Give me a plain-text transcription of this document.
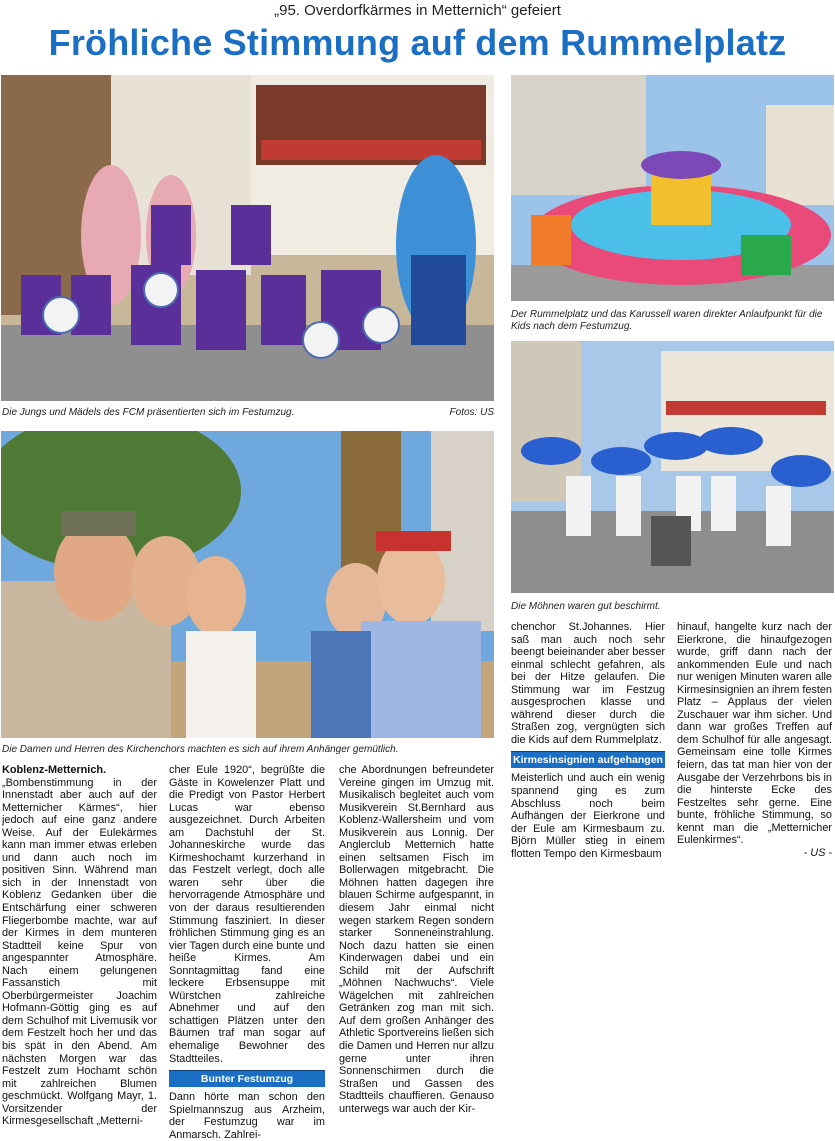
„95. Overdorfkärmes in Metternich“ gefeiert
Fröhliche Stimmung auf dem Rummelplatz
Die Jungs und Mädels des FCM präsentierten sich im Festumzug.	Fotos: US
Der Rummelplatz und das Karussell waren direkter Anlaufpunkt für die Kids nach dem Festumzug.
Die Damen und Herren des Kirchenchors machten es sich auf ihrem Anhänger gemütlich.
Die Möhnen waren gut beschirmt.

Koblenz-Metternich. „Bombenstimmung in der Innenstadt aber auch auf der Metternicher Kärmes“, hier jedoch auf eine ganz andere Weise. Auf der Eulekärmes kann man immer etwas erleben und dann auch noch im positiven Sinn. Während man sich in der Innenstadt von Koblenz Gedanken über die Entschärfung einer schweren Fliegerbombe machte, war auf der Kirmes in dem munteren Stadtteil keine Spur von angespannter Atmosphäre. Nach einem gelungenen Fassanstich mit Oberbürgermeister Joachim Hofmann-Göttig ging es auf dem Schulhof mit Livemusik vor dem Festzelt hoch her und das bis spät in den Abend. Am nächsten Morgen war das Festzelt zum Hochamt schön mit zahlreichen Blumen geschmückt. Wolfgang Mayr, 1. Vorsitzender der Kirmesgesellschaft „Metterni-

cher Eule 1920“, begrüßte die Gäste in Kowelenzer Platt und die Predigt von Pastor Herbert Lucas war ebenso ausgezeichnet. Durch Arbeiten am Dachstuhl der St. Johanneskirche wurde das Kirmeshochamt kurzerhand in das Festzelt verlegt, doch alle waren sehr über die hervorragende Atmosphäre und von der daraus resultierenden Stimmung fasziniert. In dieser fröhlichen Stimmung ging es an vier Tagen durch eine bunte und heiße Kirmes. Am Sonntagmittag fand eine leckere Erbsensuppe mit Würstchen zahlreiche Abnehmer und auf den schattigen Plätzen unter den Bäumen traf man sogar auf ehemalige Bewohner des Stadtteiles.

Bunter Festumzug

Dann hörte man schon den Spielmannszug aus Arzheim, der Festumzug war im Anmarsch. Zahlrei-

che Abordnungen befreundeter Vereine gingen im Umzug mit. Musikalisch begleitet auch vom Musikverein St.Bernhard aus Koblenz-Wallersheim und vom Musikverein aus Lonnig. Der Anglerclub Metternich hatte einen seltsamen Fisch im Bollerwagen mitgebracht. Die Möhnen hatten dagegen ihre blauen Schirme aufgespannt, in diesem Jahr einmal nicht wegen starkem Regen sondern starker Sonneneinstrahlung. Noch dazu hatten sie einen Kinderwagen dabei und ein Schild mit der Aufschrift „Möhnen Nachwuchs“. Viele Wägelchen mit zahlreichen Getränken zog man mit sich. Auf dem großen Anhänger des Athletic Sportvereins ließen sich die Damen und Herren nur allzu gerne unter ihren Sonnenschirmen durch die Straßen und Gassen des Stadtteils chauffieren. Genauso unterwegs war auch der Kir-

chenchor St.Johannes. Hier saß man auch noch sehr beengt beieinander aber besser einmal schlecht gefahren, als bei der Hitze gelaufen. Die Stimmung war im Festzug ausgesprochen klasse und während dieser durch die Straßen zog, vergnügten sich die Kids auf dem Rummelplatz.

Kirmesinsignien aufgehangen

Meisterlich und auch ein wenig spannend ging es zum Abschluss noch beim Aufhängen der Eierkrone und der Eule am Kirmesbaum zu. Björn Müller stieg in einem flotten Tempo den Kirmesbaum

hinauf, hangelte kurz nach der Eierkrone, die hinaufgezogen wurde, griff dann nach der ankommenden Eule und nach nur wenigen Minuten waren alle Kirmesinsignien an ihrem festen Platz – Applaus der vielen Zuschauer war ihm sicher. Und dann war großes Treffen auf dem Schulhof für alle angesagt. Gemeinsam eine tolle Kirmes feiern, das tat man hier von der Ausgabe der Verzehrbons bis in die hinterste Ecke des Festzeltes sehr gerne. Eine bunte, fröhliche Stimmung, so kennt man die „Metternicher Eulenkirmes“.

- US -
